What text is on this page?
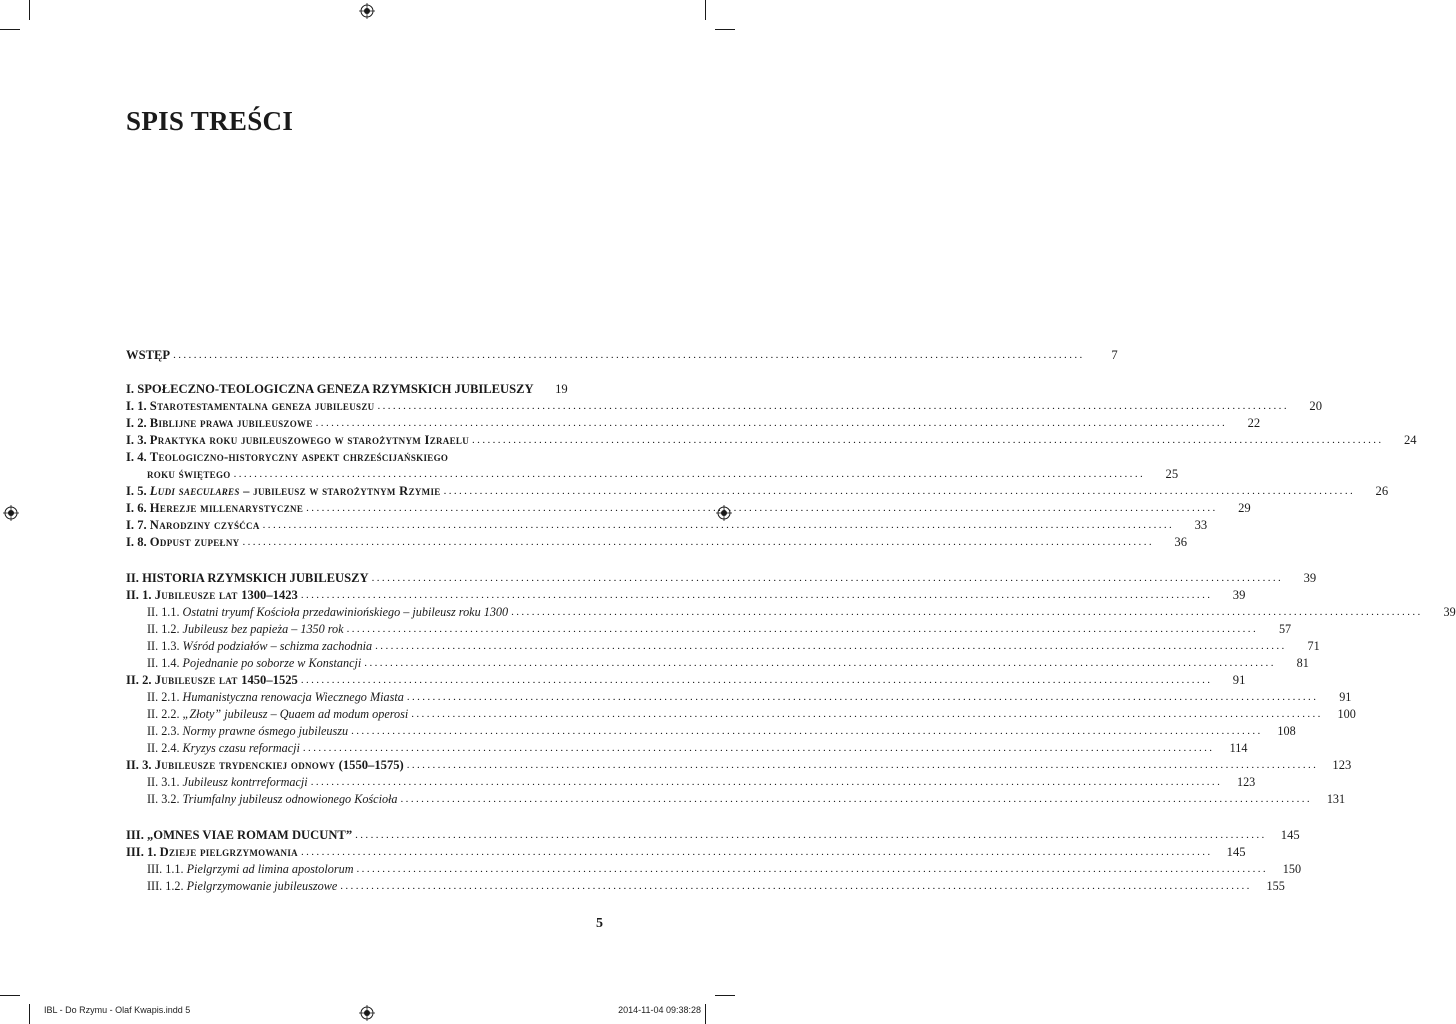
SPIS TREŚCI
WSTĘP .....	7
I. SPOŁECZNO-TEOLOGICZNA GENEZA RZYMSKICH JUBILEUSZY	19
I. 1. Starotestamentalna geneza jubileuszu .....	20
I. 2. Biblijne prawa jubileuszowe .....	22
I. 3. Praktyka roku jubileuszowego w starożytnym Izraelu .....	24
I. 4. Teologiczno-historyczny aspekt chrześcijańskiego
roku świętego .....	25
I. 5. Ludi saeculares – jubileusz w starożytnym Rzymie .....	26
I. 6. Herezje millenarystyczne .....	29
I. 7. Narodziny czyśćca .....	33
I. 8. Odpust zupełny .....	36
II. HISTORIA RZYMSKICH JUBILEUSZY .....	39
II. 1. Jubileusze lat 1300–1423 .....	39
II. 1.1. Ostatni tryumf Kościoła przedawiniońskiego – jubileusz roku 1300 .....	39
II. 1.2. Jubileusz bez papieża – 1350 rok .....	57
II. 1.3. Wśród podziałów – schizma zachodnia .....	71
II. 1.4. Pojednanie po soborze w Konstancji .....	81
II. 2. Jubileusze lat 1450–1525 .....	91
II. 2.1. Humanistyczna renowacja Wiecznego Miasta .....	91
II. 2.2. „Złoty” jubileusz – Quaem ad modum operosi .....	100
II. 2.3. Normy prawne ósmego jubileuszu .....	108
II. 2.4. Kryzys czasu reformacji .....	114
II. 3. Jubileusze trydenckiej odnowy (1550–1575) .....	123
II. 3.1. Jubileusz kontrreformacji .....	123
II. 3.2. Triumfalny jubileusz odnowionego Kościoła .....	131
III. „OMNES VIAE ROMAM DUCUNT” .....	145
III. 1. Dzieje pielgrzymowania .....	145
III. 1.1. Pielgrzymi ad limina apostolorum .....	150
III. 1.2. Pielgrzymowanie jubileuszowe .....	155
5
IBL - Do Rzymu - Olaf Kwapis.indd 5	2014-11-04 09:38:28
